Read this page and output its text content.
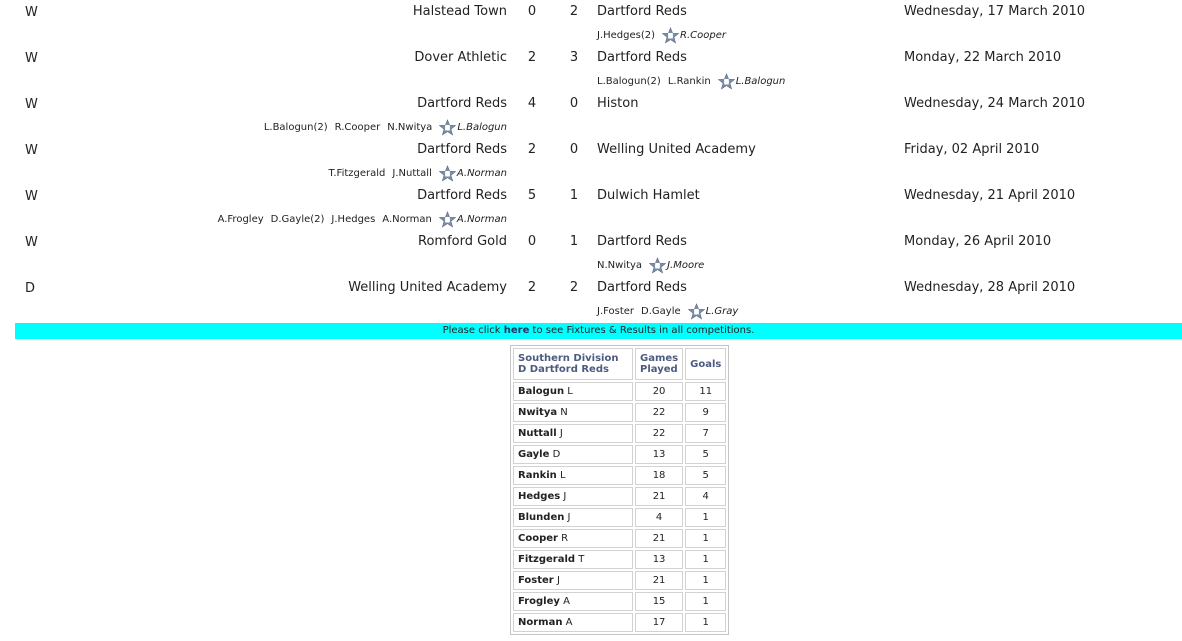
W	Halstead Town 0	2 Dartford Reds	Wednesday, 17 March 2010
J.Hedges(2)	R.Cooper
W	Dover Athletic 2	3 Dartford Reds	Monday, 22 March 2010
L.Balogun(2) L.Rankin	L.Balogun
W	Dartford Reds 4	0 Histon	Wednesday, 24 March 2010
L.Balogun(2) R.Cooper N.Nwitya	L.Balogun
W	Dartford Reds 2	0 Welling United Academy	Friday, 02 April 2010
T.Fitzgerald J.Nuttall	A.Norman
W	Dartford Reds 5	1 Dulwich Hamlet	Wednesday, 21 April 2010
A.Frogley D.Gayle(2) J.Hedges A.Norman	A.Norman
W	Romford Gold 0	1 Dartford Reds	Monday, 26 April 2010
N.Nwitya	J.Moore
D	Welling United Academy 2	2 Dartford Reds	Wednesday, 28 April 2010
J.Foster D.Gayle	L.Gray
Please click here to see Fixtures & Results in all competitions.
Southern Division D Dartford Reds	Games Played	Goals
Balogun L	20	11
Nwitya N	22	9
Nuttall J	22	7
Gayle D	13	5
Rankin L	18	5
Hedges J	21	4
Blunden J	4	1
Cooper R	21	1
Fitzgerald T	13	1
Foster J	21	1
Frogley A	15	1
Norman A	17	1
